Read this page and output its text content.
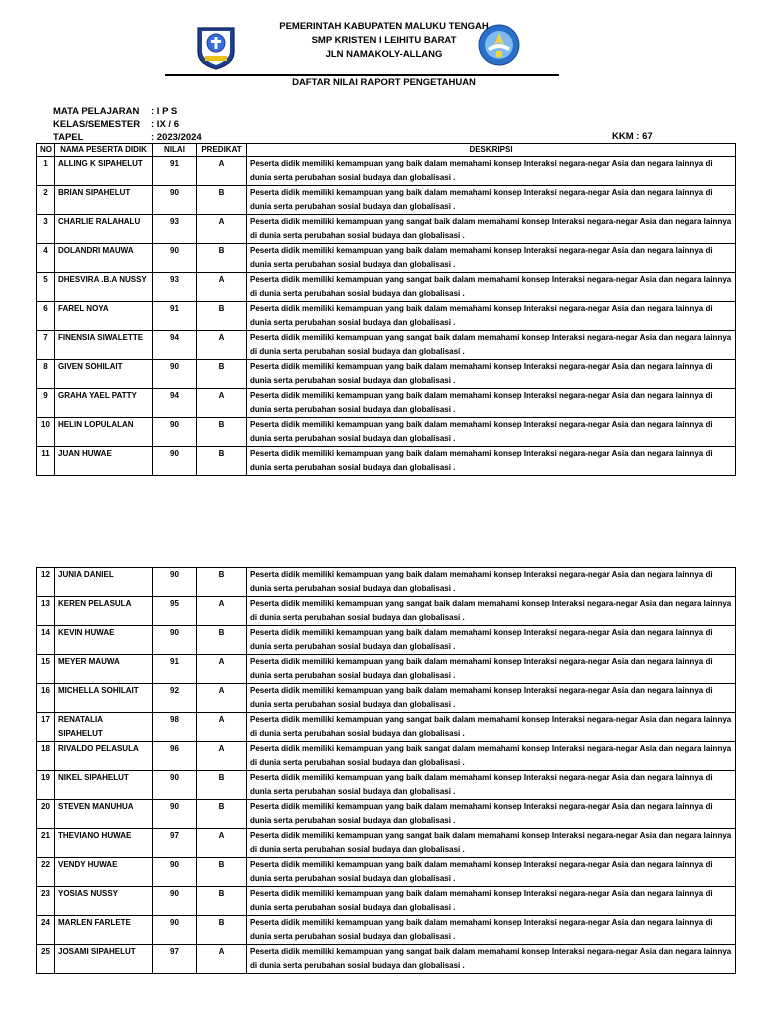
PEMERINTAH KABUPATEN MALUKU TENGAH
SMP KRISTEN I LEIHITU BARAT
JLN NAMAKOLY-ALLANG
DAFTAR NILAI RAPORT PENGETAHUAN
MATA PELAJARAN	: I P S
KELAS/SEMESTER	: IX / 6
TAPEL	: 2023/2024	KKM : 67
NO	NAMA PESERTA DIDIK	NILAI	PREDIKAT	DESKRIPSI
1	ALLING K SIPAHELUT	91	A	Peserta didik memiliki kemampuan yang baik dalam memahami konsep Interaksi negara-negar Asia dan negara lainnya di dunia serta perubahan sosial budaya dan globalisasi .
2	BRIAN SIPAHELUT	90	B	Peserta didik memiliki kemampuan yang baik dalam memahami konsep Interaksi negara-negar Asia dan negara lainnya di dunia serta perubahan sosial budaya dan globalisasi .
3	CHARLIE RALAHALU	93	A	Peserta didik memiliki kemampuan yang sangat baik dalam memahami konsep Interaksi negara-negar Asia dan negara lainnya di dunia serta perubahan sosial budaya dan globalisasi .
4	DOLANDRI MAUWA	90	B	Peserta didik memiliki kemampuan yang baik dalam memahami konsep Interaksi negara-negar Asia dan negara lainnya di dunia serta perubahan sosial budaya dan globalisasi .
5	DHESVIRA .B.A NUSSY	93	A	Peserta didik memiliki kemampuan yang sangat baik dalam memahami konsep Interaksi negara-negar Asia dan negara lainnya di dunia serta perubahan sosial budaya dan globalisasi .
6	FAREL NOYA	91	B	Peserta didik memiliki kemampuan yang baik dalam memahami konsep Interaksi negara-negar Asia dan negara lainnya di dunia serta perubahan sosial budaya dan globalisasi .
7	FINENSIA SIWALETTE	94	A	Peserta didik memiliki kemampuan yang sangat baik dalam memahami konsep Interaksi negara-negar Asia dan negara lainnya di dunia serta perubahan sosial budaya dan globalisasi .
8	GIVEN SOHILAIT	90	B	Peserta didik memiliki kemampuan yang baik dalam memahami konsep Interaksi negara-negar Asia dan negara lainnya di dunia serta perubahan sosial budaya dan globalisasi .
9	GRAHA YAEL PATTY	94	A	Peserta didik memiliki kemampuan yang baik dalam memahami konsep Interaksi negara-negar Asia dan negara lainnya di dunia serta perubahan sosial budaya dan globalisasi .
10	HELIN LOPULALAN	90	B	Peserta didik memiliki kemampuan yang baik dalam memahami konsep Interaksi negara-negar Asia dan negara lainnya di dunia serta perubahan sosial budaya dan globalisasi .
11	JUAN HUWAE	90	B	Peserta didik memiliki kemampuan yang baik dalam memahami konsep Interaksi negara-negar Asia dan negara lainnya di dunia serta perubahan sosial budaya dan globalisasi .
12	JUNIA DANIEL	90	B	Peserta didik memiliki kemampuan yang baik dalam memahami konsep Interaksi negara-negar Asia dan negara lainnya di dunia serta perubahan sosial budaya dan globalisasi .
13	KEREN PELASULA	95	A	Peserta didik memiliki kemampuan yang sangat baik dalam memahami konsep Interaksi negara-negar Asia dan negara lainnya di dunia serta perubahan sosial budaya dan globalisasi .
14	KEVIN HUWAE	90	B	Peserta didik memiliki kemampuan yang baik dalam memahami konsep Interaksi negara-negar Asia dan negara lainnya di dunia serta perubahan sosial budaya dan globalisasi .
15	MEYER MAUWA	91	A	Peserta didik memiliki kemampuan yang baik dalam memahami konsep Interaksi negara-negar Asia dan negara lainnya di dunia serta perubahan sosial budaya dan globalisasi .
16	MICHELLA SOHILAIT	92	A	Peserta didik memiliki kemampuan yang baik dalam memahami konsep Interaksi negara-negar Asia dan negara lainnya di dunia serta perubahan sosial budaya dan globalisasi .
17	RENATALIA SIPAHELUT	98	A	Peserta didik memiliki kemampuan yang sangat baik dalam memahami konsep Interaksi negara-negar Asia dan negara lainnya di dunia serta perubahan sosial budaya dan globalisasi .
18	RIVALDO PELASULA	96	A	Peserta didik memiliki kemampuan yang baik sangat dalam memahami konsep Interaksi negara-negar Asia dan negara lainnya di dunia serta perubahan sosial budaya dan globalisasi .
19	NIKEL SIPAHELUT	90	B	Peserta didik memiliki kemampuan yang baik dalam memahami konsep Interaksi negara-negar Asia dan negara lainnya di dunia serta perubahan sosial budaya dan globalisasi .
20	STEVEN MANUHUA	90	B	Peserta didik memiliki kemampuan yang baik dalam memahami konsep Interaksi negara-negar Asia dan negara lainnya di dunia serta perubahan sosial budaya dan globalisasi .
21	THEVIANO HUWAE	97	A	Peserta didik memiliki kemampuan yang sangat baik dalam memahami konsep Interaksi negara-negar Asia dan negara lainnya di dunia serta perubahan sosial budaya dan globalisasi .
22	VENDY HUWAE	90	B	Peserta didik memiliki kemampuan yang baik dalam memahami konsep Interaksi negara-negar Asia dan negara lainnya di dunia serta perubahan sosial budaya dan globalisasi .
23	YOSIAS NUSSY	90	B	Peserta didik memiliki kemampuan yang baik dalam memahami konsep Interaksi negara-negar Asia dan negara lainnya di dunia serta perubahan sosial budaya dan globalisasi .
24	MARLEN FARLETE	90	B	Peserta didik memiliki kemampuan yang baik dalam memahami konsep Interaksi negara-negar Asia dan negara lainnya di dunia serta perubahan sosial budaya dan globalisasi .
25	JOSAMI SIPAHELUT	97	A	Peserta didik memiliki kemampuan yang sangat baik dalam memahami konsep Interaksi negara-negar Asia dan negara lainnya di dunia serta perubahan sosial budaya dan globalisasi .
